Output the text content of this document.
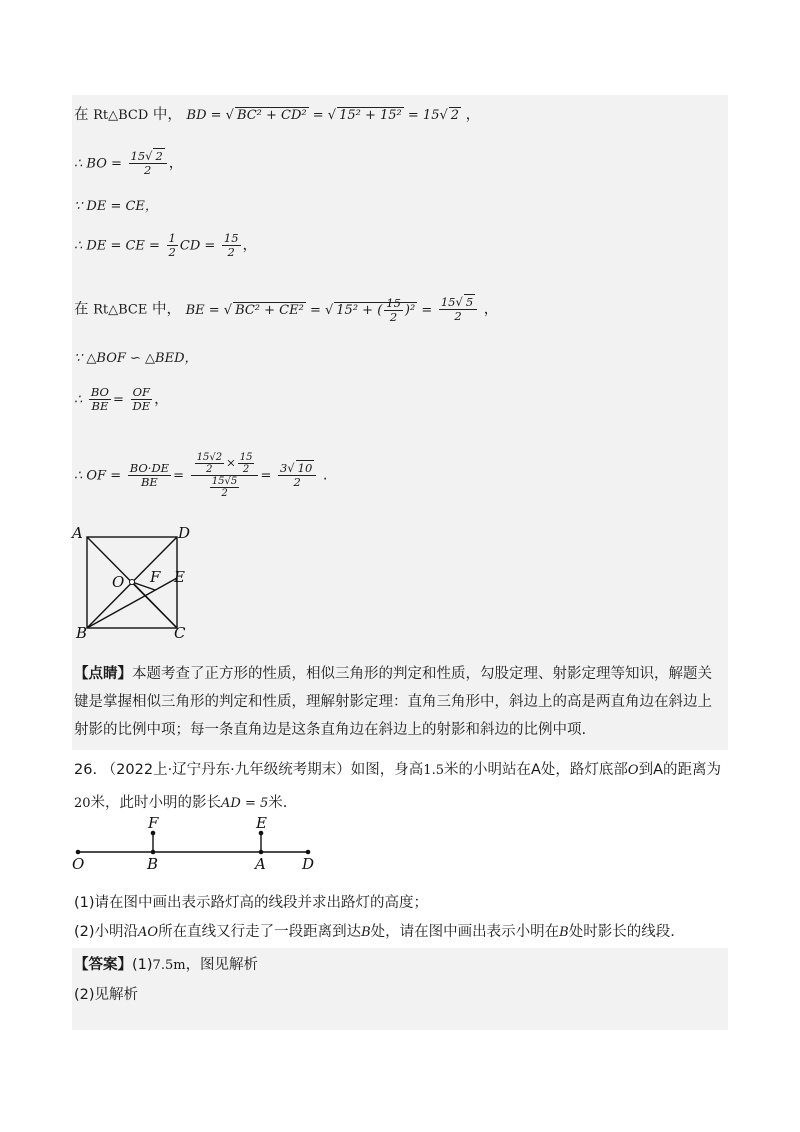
在 Rt△BCD 中， BD = √ BC² + CD² = √ 15² + 15² = 15√ 2 ，
∴ BO = $\frac{15√ 2}{2}$ ，
∵ DE = CE，
∴ DE = CE = $\frac{1}{2}$ CD = $\frac{15}{2}$ ，
在 Rt△BCE 中， BE = √ BC² + CE² = √ 15² + ( $\frac{15}{2} )^2 = \frac{15√ 5}{2}$ ，
∵ △BOF ∽ △BED，
∴ $\frac{BO}{BE} = \frac{OF}{DE}$ ，
∴ OF = $\frac{BO\cdot DE}{BE} = \frac{\frac{15√2}{2} \times \frac{15}{2}}{\frac{15√5}{2}} = \frac{3√ 10}{2}$ .
A	D
B	C
O F E
【点睛】本题考查了正方形的性质，相似三角形的判定和性质，勾股定理、射影定理等知识，解题关键是掌握相似三角形的判定和性质，理解射影定理：直角三角形中，斜边上的高是两直角边在斜边上射影的比例中项；每一条直角边是这条直角边在斜边上的射影和斜边的比例中项.
26. （2022上·辽宁丹东·九年级统考期末）如图，身高1.5米的小明站在A处，路灯底部O到A的距离为
20米，此时小明的影长AD = 5米.
O	B	A D
F	E
(1)请在图中画出表示路灯高的线段并求出路灯的高度；
(2)小明沿AO所在直线又行走了一段距离到达B处，请在图中画出表示小明在B处时影长的线段.
【答案】(1)7.5m，图见解析
(2)见解析
